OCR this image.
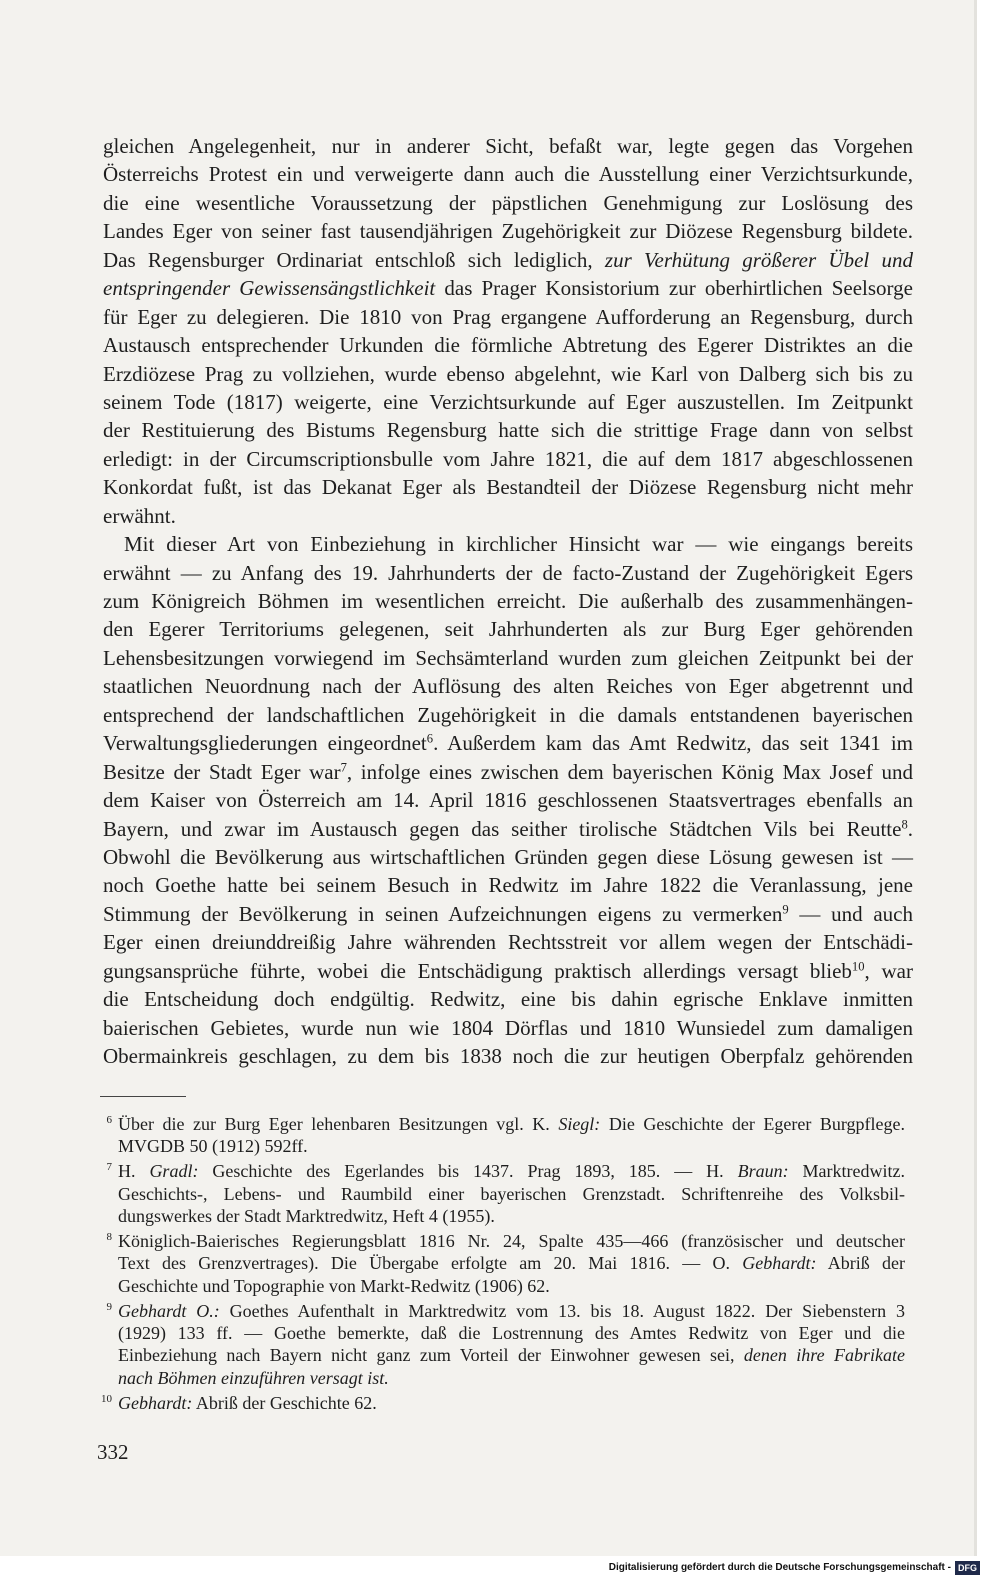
gleichen Angelegenheit, nur in anderer Sicht, befaßt war, legte gegen das Vorgehen
Österreichs Protest ein und verweigerte dann auch die Ausstellung einer Verzichtsurkunde,
die eine wesentliche Voraussetzung der päpstlichen Genehmigung zur Loslösung des
Landes Eger von seiner fast tausendjährigen Zugehörigkeit zur Diözese Regensburg bildete.
Das Regensburger Ordinariat entschloß sich lediglich, zur Verhütung größerer Übel und
entspringender Gewissensängstlichkeit das Prager Konsistorium zur oberhirtlichen Seelsorge
für Eger zu delegieren. Die 1810 von Prag ergangene Aufforderung an Regensburg, durch
Austausch entsprechender Urkunden die förmliche Abtretung des Egerer Distriktes an die
Erzdiözese Prag zu vollziehen, wurde ebenso abgelehnt, wie Karl von Dalberg sich bis zu
seinem Tode (1817) weigerte, eine Verzichtsurkunde auf Eger auszustellen. Im Zeitpunkt
der Restituierung des Bistums Regensburg hatte sich die strittige Frage dann von selbst
erledigt: in der Circumscriptionsbulle vom Jahre 1821, die auf dem 1817 abgeschlossenen
Konkordat fußt, ist das Dekanat Eger als Bestandteil der Diözese Regensburg nicht mehr
erwähnt.
Mit dieser Art von Einbeziehung in kirchlicher Hinsicht war — wie eingangs bereits
erwähnt — zu Anfang des 19. Jahrhunderts der de facto-Zustand der Zugehörigkeit Egers
zum Königreich Böhmen im wesentlichen erreicht. Die außerhalb des zusammenhängen-
den Egerer Territoriums gelegenen, seit Jahrhunderten als zur Burg Eger gehörenden
Lehensbesitzungen vorwiegend im Sechsämterland wurden zum gleichen Zeitpunkt bei der
staatlichen Neuordnung nach der Auflösung des alten Reiches von Eger abgetrennt und
entsprechend der landschaftlichen Zugehörigkeit in die damals entstandenen bayerischen
Verwaltungsgliederungen eingeordnet$^6$. Außerdem kam das Amt Redwitz, das seit 1341 im
Besitze der Stadt Eger war$^7$, infolge eines zwischen dem bayerischen König Max Josef und
dem Kaiser von Österreich am 14. April 1816 geschlossenen Staatsvertrages ebenfalls an
Bayern, und zwar im Austausch gegen das seither tirolische Städtchen Vils bei Reutte$^8$.
Obwohl die Bevölkerung aus wirtschaftlichen Gründen gegen diese Lösung gewesen ist —
noch Goethe hatte bei seinem Besuch in Redwitz im Jahre 1822 die Veranlassung, jene
Stimmung der Bevölkerung in seinen Aufzeichnungen eigens zu vermerken$^9$ — und auch
Eger einen dreiunddreißig Jahre währenden Rechtsstreit vor allem wegen der Entschädi-
gungsansprüche führte, wobei die Entschädigung praktisch allerdings versagt blieb$^{10}$, war
die Entscheidung doch endgültig. Redwitz, eine bis dahin egrische Enklave inmitten
baierischen Gebietes, wurde nun wie 1804 Dörflas und 1810 Wunsiedel zum damaligen
Obermainkreis geschlagen, zu dem bis 1838 noch die zur heutigen Oberpfalz gehörenden
6 Über die zur Burg Eger lehenbaren Besitzungen vgl. K. Siegl: Die Geschichte der Egerer Burgpflege.
MVGDB 50 (1912) 592ff.
7 H. Gradl: Geschichte des Egerlandes bis 1437. Prag 1893, 185. — H. Braun: Marktredwitz.
Geschichts-, Lebens- und Raumbild einer bayerischen Grenzstadt. Schriftenreihe des Volksbil-
dungswerkes der Stadt Marktredwitz, Heft 4 (1955).
8 Königlich-Baierisches Regierungsblatt 1816 Nr. 24, Spalte 435—466 (französischer und deutscher
Text des Grenzvertrages). Die Übergabe erfolgte am 20. Mai 1816. — O. Gebhardt: Abriß der
Geschichte und Topographie von Markt-Redwitz (1906) 62.
9 Gebhardt O.: Goethes Aufenthalt in Marktredwitz vom 13. bis 18. August 1822. Der Siebenstern 3
(1929) 133 ff. — Goethe bemerkte, daß die Lostrennung des Amtes Redwitz von Eger und die
Einbeziehung nach Bayern nicht ganz zum Vorteil der Einwohner gewesen sei, denen ihre Fabrikate
nach Böhmen einzuführen versagt ist.
10 Gebhardt: Abriß der Geschichte 62.
332
Digitalisierung gefördert durch die Deutsche Forschungsgemeinschaft - DFG
